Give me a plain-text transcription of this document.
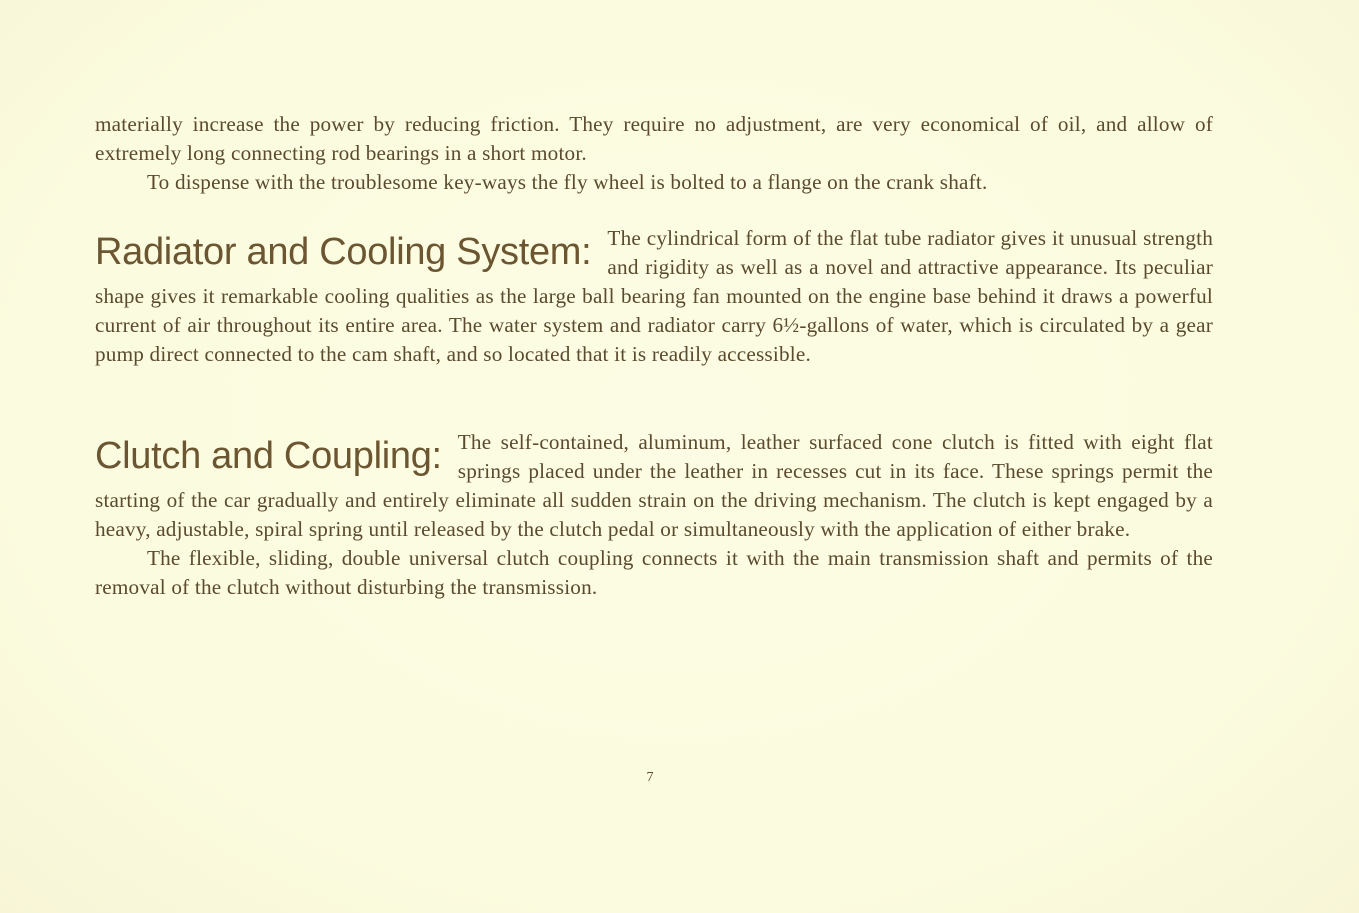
materially increase the power by reducing friction. They require no adjustment, are very economical of oil, and allow of extremely long connecting rod bearings in a short motor.

To dispense with the troublesome key-ways the fly wheel is bolted to a flange on the crank shaft.

Radiator and Cooling System: The cylindrical form of the flat tube radiator gives it unusual strength and rigidity as well as a novel and attractive appearance. Its peculiar shape gives it remarkable cooling qualities as the large ball bearing fan mounted on the engine base behind it draws a powerful current of air throughout its entire area. The water system and radiator carry 6½-gallons of water, which is circulated by a gear pump direct connected to the cam shaft, and so located that it is readily accessible.

Clutch and Coupling: The self-contained, aluminum, leather surfaced cone clutch is fitted with eight flat springs placed under the leather in recesses cut in its face. These springs permit the starting of the car gradually and entirely eliminate all sudden strain on the driving mechanism. The clutch is kept engaged by a heavy, adjustable, spiral spring until released by the clutch pedal or simultaneously with the application of either brake.

The flexible, sliding, double universal clutch coupling connects it with the main transmission shaft and permits of the removal of the clutch without disturbing the transmission.

7
